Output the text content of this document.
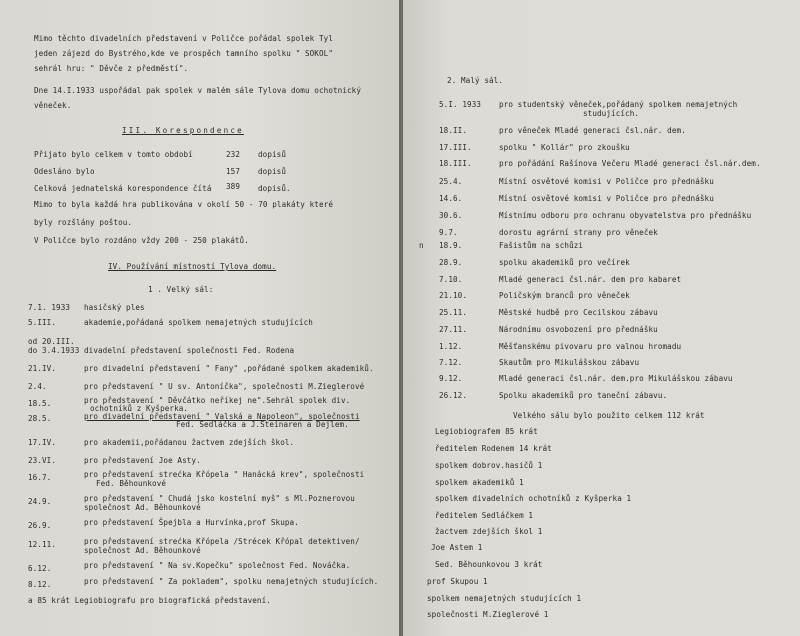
Mimo těchto divadelních představení v Poličce pořádal spolek Tyl
jeden zájezd do Bystrého,kde ve prospěch tamního spolku " SOKOL"
sehrál hru: " Děvče z předměstí".
Dne 14.I.1933 uspořádal pak spolek v malém sále Tylova domu ochotnický
věneček.
III. Korespondence
Přijato bylo celkem v tomto období	232 dopisů
Odesláno bylo	157 dopisů
Celková jednatelská korespondence čítá 389 dopisů.
Mimo to byla každá hra publikována v okolí 50 - 70 plakáty které
byly rozšlány poštou.
V Poličce bylo rozdáno vždy 200 - 250 plakátů.
IV. Používání místností Tylova domu.
1 . Velký sál:
7.1. 1933 hasičský ples
5.III.	akademie,pořádaná spolkem nemajetných studujících
od 20.III.
do 3.4.1933 divadelní představení společnosti Fed. Rodena
21.IV.	pro divadelní představení " Fany" ,pořádané spolkem akademiků.
2.4.	pro představení " U sv. Antoníčka", společnosti M.Zieglerové
18.5.	pro představení " Děvčátko neříkej ne".Sehrál spolek div.
ochotníků z Kyšperka.
28.5.	pro divadelní představení " Valská a Napoleon", společnosti
Fed. Sedláčka a J.Steinaren a Dejlem.
17.IV.	pro akademii,pořádanou žactvem zdejších škol.
23.VI.	pro představení Joe Asty.
16.7.	pro představení strećka Křópela " Hanácká krev", společnosti
Fed. Běhounkové
24.9.	pro představení " Chudá jsko kostelní myš" s Ml.Poznerovou
společnost Ad. Běhounkové
26.9.	pro představení Špejbla a Hurvínka,prof Skupa.
12.11.	pro představení strećka Křópela /Strécek Křópal detektiven/
společnost Ad. Běhounkové
6.12.	pro představení " Na sv.Kopečku" společnost Fed. Nováčka.
8.12.	pro představení " Za pokladem", spolku nemajetných studujících.
a 85 krát Legiobiografu pro biografická představení.
2. Malý sál.
5.I. 1933 pro studentský věneček,pořádaný spolkem nemajetných
studujících.
18.II.	pro věneček Mladé generaci čsl.nár. dem.
17.III.	spolku " Kollár" pro zkoušku
18.III.	pro pořádání Rašínova Večeru Mladé generaci čsl.nár.dem.
25.4.	Místní osvětové komisi v Poličce pro přednášku
14.6.	Místní osvětové komisi v Poličce pro přednášku
30.6.	Místnímu odboru pro ochranu obyvatelstva pro přednášku
9.7.	dorostu agrární strany pro věneček
n 18.9.	Fašistům na schůzi
28.9.	spolku akademiků pro večírek
7.10.	Mladé generaci čsl.nár. dem pro kabaret
21.10.	Poličským branců pro věneček
25.11.	Městské hudbě pro Cecilskou zábavu
27.11.	Národnímu osvobození pro přednášku
1.12.	Měšťanskému pivovaru pro valnou hromadu
7.12.	Skautům pro Mikulášskou zábavu
9.12.	Mladé generaci čsl.nár. dem.pro Mikulášskou zábavu
26.12.	Spolku akademiků pro taneční zábavu.
Velkého sálu bylo použito celkem 112 krát
Legiobiografem 85 krát
ředitelem Rodenem 14 krát
spolkem dobrov.hasičů 1
spolkem akademiků 1
spolkem divadelních ochotníků z Kyšperka 1
ředitelem Sedláčkem 1
žactvem zdejších škol 1
Joe Astem 1
Sed. Běhounkovou 3 krát
prof Skupou 1
spolkem nemajetných studujících 1
společnosti M.Zieglerové 1
